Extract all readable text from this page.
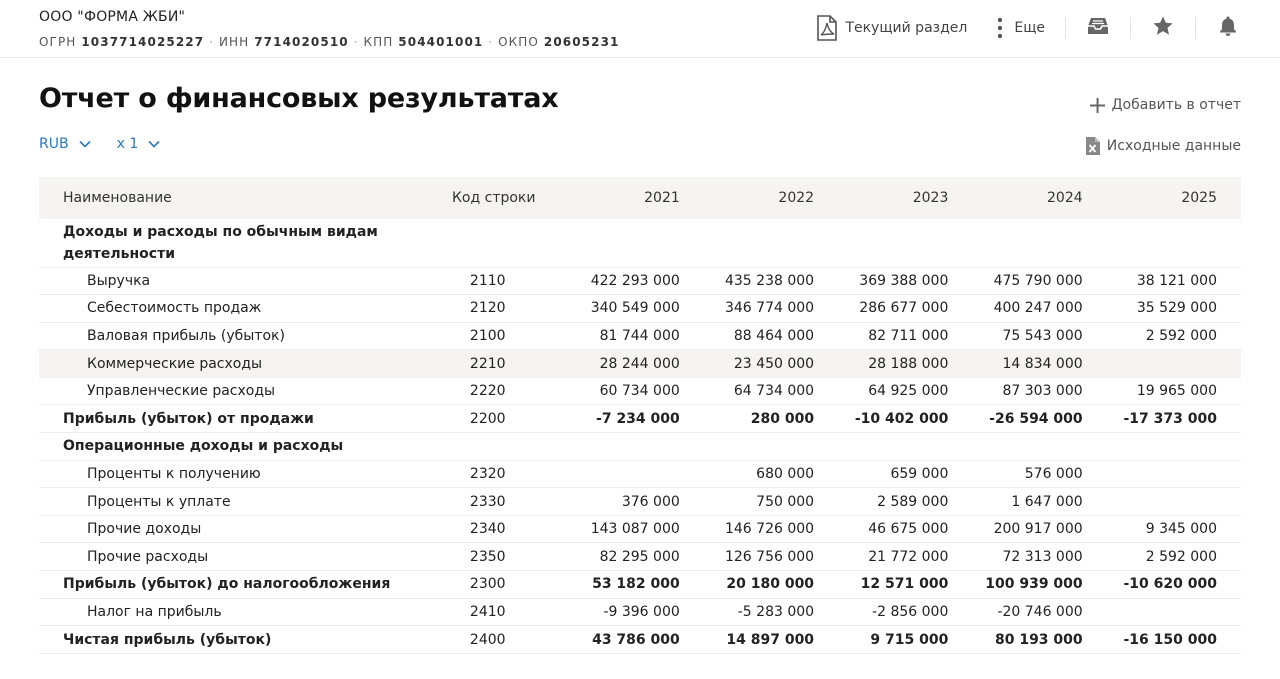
ООО "ФОРМА ЖБИ"
ОГРН 1037714025227 · ИНН 7714020510 · КПП 504401001 · ОКПО 20605231
Текущий раздел	Еще
Отчет о финансовых результатах	+ Добавить в отчет
RUB	x 1	Исходные данные
Наименование	Код строки	2021	2022	2023	2024	2025
Доходы и расходы по обычным видам деятельности						
Выручка	2110	422 293 000	435 238 000	369 388 000	475 790 000	38 121 000
Себестоимость продаж	2120	340 549 000	346 774 000	286 677 000	400 247 000	35 529 000
Валовая прибыль (убыток)	2100	81 744 000	88 464 000	82 711 000	75 543 000	2 592 000
Коммерческие расходы	2210	28 244 000	23 450 000	28 188 000	14 834 000	
Управленческие расходы	2220	60 734 000	64 734 000	64 925 000	87 303 000	19 965 000
Прибыль (убыток) от продажи	2200	-7 234 000	280 000	-10 402 000	-26 594 000	-17 373 000
Операционные доходы и расходы						
Проценты к получению	2320		680 000	659 000	576 000	
Проценты к уплате	2330	376 000	750 000	2 589 000	1 647 000	
Прочие доходы	2340	143 087 000	146 726 000	46 675 000	200 917 000	9 345 000
Прочие расходы	2350	82 295 000	126 756 000	21 772 000	72 313 000	2 592 000
Прибыль (убыток) до налогообложения	2300	53 182 000	20 180 000	12 571 000	100 939 000	-10 620 000
Налог на прибыль	2410	-9 396 000	-5 283 000	-2 856 000	-20 746 000	
Чистая прибыль (убыток)	2400	43 786 000	14 897 000	9 715 000	80 193 000	-16 150 000
